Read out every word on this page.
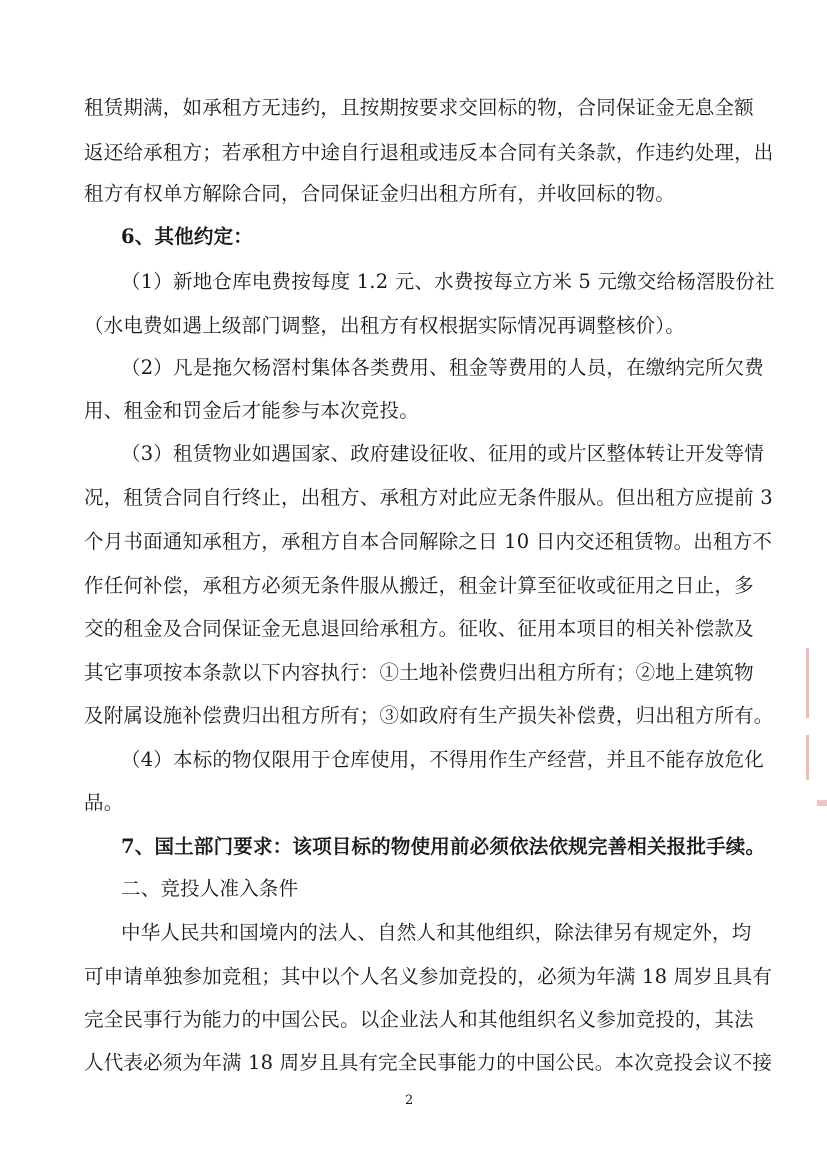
租赁期满，如承租方无违约，且按期按要求交回标的物，合同保证金无息全额
返还给承租方；若承租方中途自行退租或违反本合同有关条款，作违约处理，出
租方有权单方解除合同，合同保证金归出租方所有，并收回标的物。
6、其他约定：
（1）新地仓库电费按每度 1.2 元、水费按每立方米 5 元缴交给杨滘股份社
（水电费如遇上级部门调整，出租方有权根据实际情况再调整核价）。
（2）凡是拖欠杨滘村集体各类费用、租金等费用的人员，在缴纳完所欠费
用、租金和罚金后才能参与本次竞投。
（3）租赁物业如遇国家、政府建设征收、征用的或片区整体转让开发等情
况，租赁合同自行终止，出租方、承租方对此应无条件服从。但出租方应提前 3
个月书面通知承租方，承租方自本合同解除之日 10 日内交还租赁物。出租方不
作任何补偿，承租方必须无条件服从搬迁，租金计算至征收或征用之日止，多
交的租金及合同保证金无息退回给承租方。征收、征用本项目的相关补偿款及
其它事项按本条款以下内容执行：①土地补偿费归出租方所有；②地上建筑物
及附属设施补偿费归出租方所有；③如政府有生产损失补偿费，归出租方所有。
（4）本标的物仅限用于仓库使用，不得用作生产经营，并且不能存放危化
品。
7、国土部门要求：该项目标的物使用前必须依法依规完善相关报批手续。
二、竞投人准入条件
中华人民共和国境内的法人、自然人和其他组织，除法律另有规定外，均
可申请单独参加竞租；其中以个人名义参加竞投的，必须为年满 18 周岁且具有
完全民事行为能力的中国公民。以企业法人和其他组织名义参加竞投的，其法
人代表必须为年满 18 周岁且具有完全民事能力的中国公民。本次竞投会议不接
2
